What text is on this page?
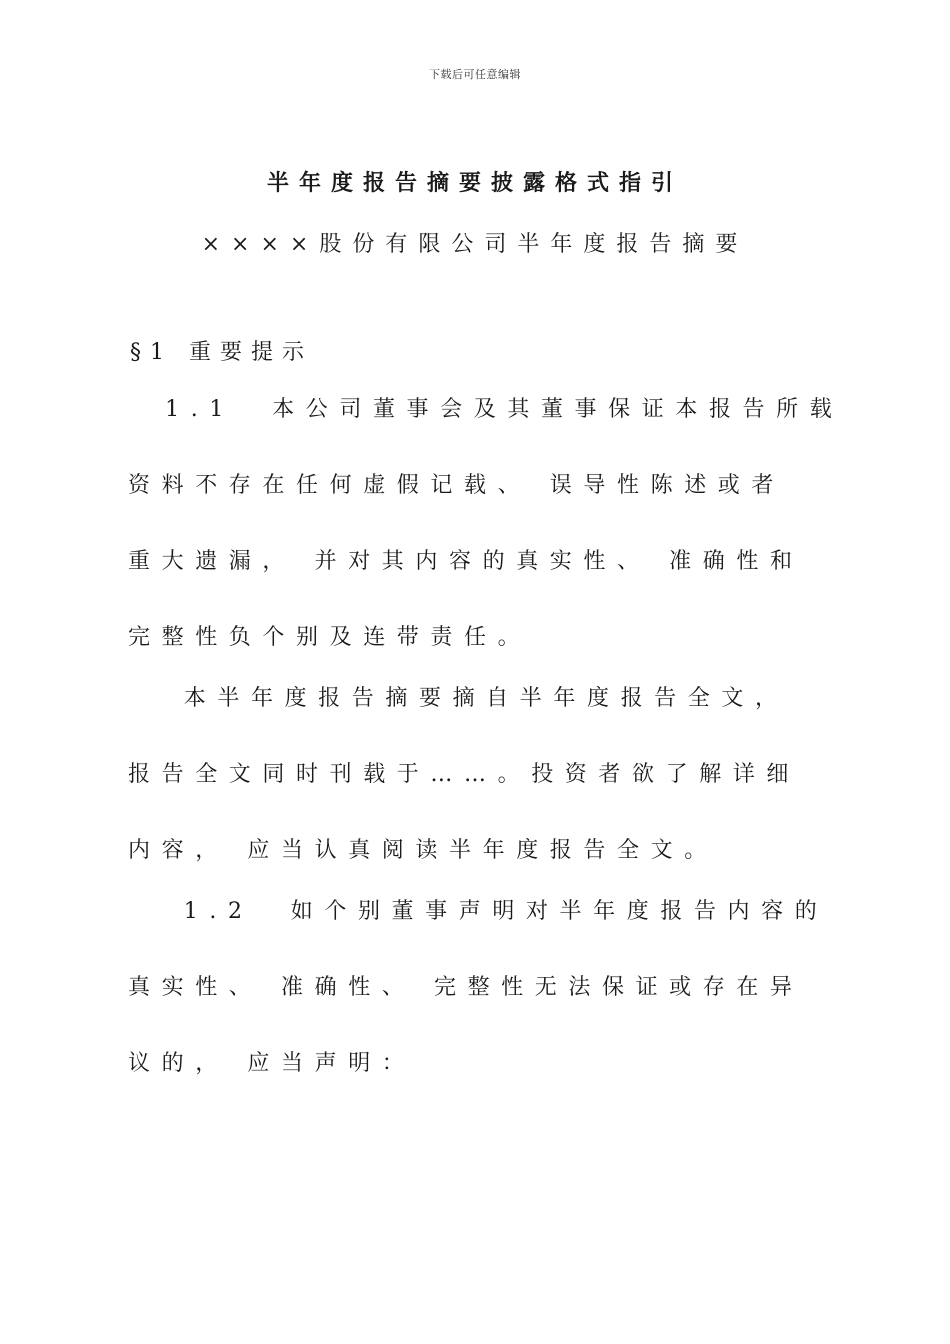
下载后可任意编辑
半年度报告摘要披露格式指引
××××股份有限公司半年度报告摘要
§1 重要提示
1.1  本公司董事会及其董事保证本报告所载
资料不存在任何虚假记载、 误导性陈述或者
重大遗漏， 并对其内容的真实性、 准确性和
完整性负个别及连带责任。
本半年度报告摘要摘自半年度报告全文，
报告全文同时刊载于……。投资者欲了解详细
内容， 应当认真阅读半年度报告全文。
1.2  如个别董事声明对半年度报告内容的
真实性、 准确性、 完整性无法保证或存在异
议的， 应当声明：
